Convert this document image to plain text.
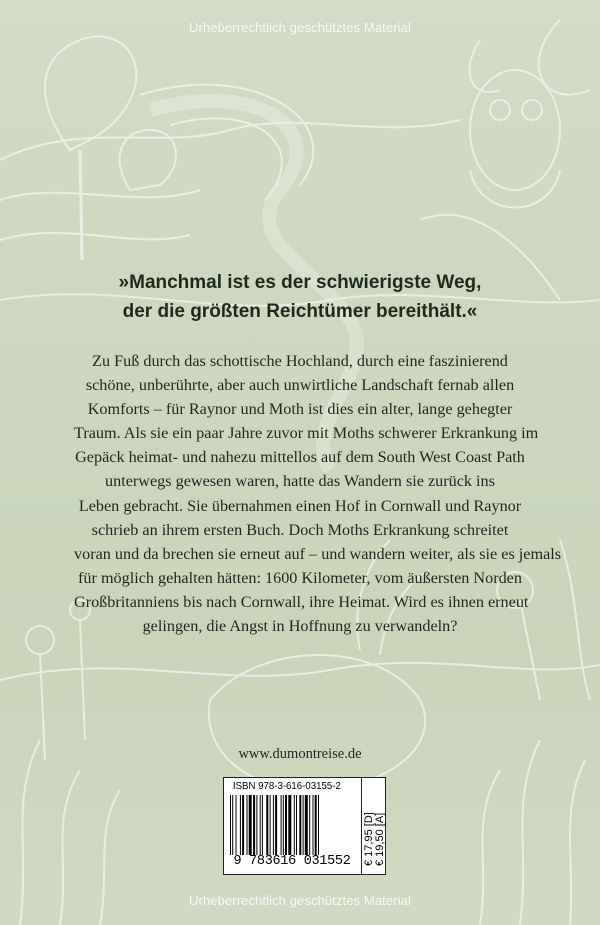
Urheberrechtlich geschütztes Material
»Manchmal ist es der schwierigste Weg,
der die größten Reichtümer bereithält.«
Zu Fuß durch das schottische Hochland, durch eine faszinierend
schöne, unberührte, aber auch unwirtliche Landschaft fernab allen
Komforts – für Raynor und Moth ist dies ein alter, lange gehegter
Traum. Als sie ein paar Jahre zuvor mit Moths schwerer Erkrankung im
Gepäck heimat- und nahezu mittellos auf dem South West Coast Path
unterwegs gewesen waren, hatte das Wandern sie zurück ins
Leben gebracht. Sie übernahmen einen Hof in Cornwall und Raynor
schrieb an ihrem ersten Buch. Doch Moths Erkrankung schreitet
voran und da brechen sie erneut auf – und wandern weiter, als sie es jemals
für möglich gehalten hätten: 1600 Kilometer, vom äußersten Norden
Großbritanniens bis nach Cornwall, ihre Heimat. Wird es ihnen erneut
gelingen, die Angst in Hoffnung zu verwandeln?
www.dumontreise.de
ISBN 978-3-616-03155-2
9 783616 031552	€ 17,95 [D] € 19,50 [A]
Urheberrechtlich geschütztes Material
